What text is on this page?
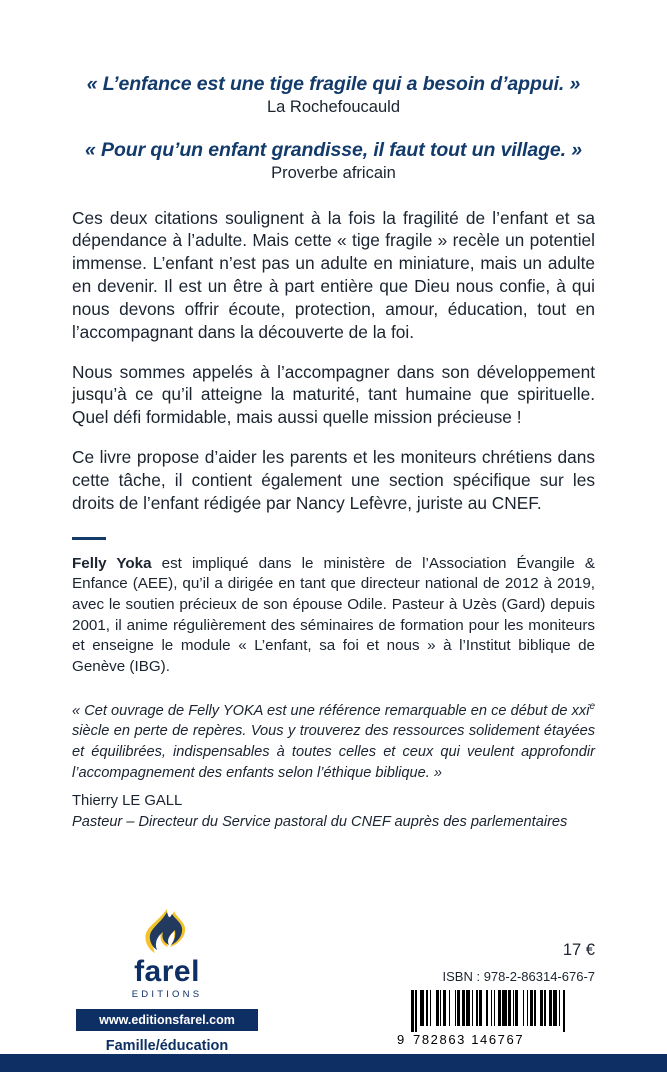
« L’enfance est une tige fragile qui a besoin d’appui. »
La Rochefoucauld
« Pour qu’un enfant grandisse, il faut tout un village. »
Proverbe africain

Ces deux citations soulignent à la fois la fragilité de l’enfant et sa dépendance à l’adulte. Mais cette « tige fragile » recèle un potentiel immense. L’enfant n’est pas un adulte en miniature, mais un adulte en devenir. Il est un être à part entière que Dieu nous confie, à qui nous devons offrir écoute, protection, amour, éducation, tout en l’accompagnant dans la découverte de la foi.

Nous sommes appelés à l’accompagner dans son développement jusqu’à ce qu’il atteigne la maturité, tant humaine que spirituelle. Quel défi formidable, mais aussi quelle mission précieuse !

Ce livre propose d’aider les parents et les moniteurs chrétiens dans cette tâche, il contient également une section spécifique sur les droits de l’enfant rédigée par Nancy Lefèvre, juriste au CNEF.

Felly Yoka est impliqué dans le ministère de l’Association Évangile & Enfance (AEE), qu’il a dirigée en tant que directeur national de 2012 à 2019, avec le soutien précieux de son épouse Odile. Pasteur à Uzès (Gard) depuis 2001, il anime régulièrement des séminaires de formation pour les moniteurs et enseigne le module « L’enfant, sa foi et nous » à l’Institut biblique de Genève (IBG).

« Cet ouvrage de Felly YOKA est une référence remarquable en ce début de xxi$^e$ siècle en perte de repères. Vous y trouverez des ressources solidement étayées et équilibrées, indispensables à toutes celles et ceux qui veulent approfondir l’accompagnement des enfants selon l’éthique biblique. »

Thierry LE GALL

Pasteur – Directeur du Service pastoral du CNEF auprès des parlementaires

farel
EDITIONS
www.editionsfarel.com
Famille/éducation
17 €
ISBN : 978-2-86314-676-7
9 782863 146767
